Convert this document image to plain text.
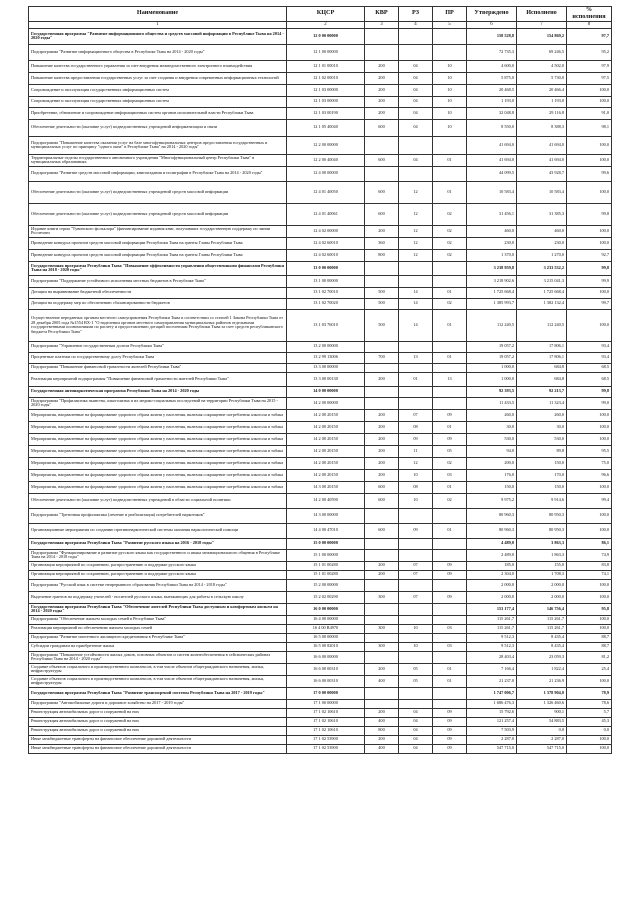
Наименование	КЦСР	КВР	РЗ	ПР	Утверждено	Исполнено	% исполнения
1	2	3	4	5	6	7	8
Государственная программа "Развитие информационного общества и средств массовой информации в Республике Тыва на 2014 - 2020 годы"	12 0 00 00000				158 528,8	154 869,2	97,7
Подпрограмма "Развитие информационного общества в Республике Тыва на 2014 - 2020 годы"	12 1 00 00000				72 735,3	69 246,5	95,2
Повышение качества государственного управления за счет внедрения межведомственного электронного взаимодействия	12 1 01 00010	200	04	10	4 600,0	4 502,0	97,9
Повышение качества предоставления государственных услуг за счет создания и внедрения современных информационных технологий	12 1 02 00010	200	04	10	5 875,0	5 730,0	97,5
Сопровождение и эксплуатация государственных информационных систем	12 1 03 00000	200	04	10	20 468,5	20 466,4	100,0
Сопровождение и эксплуатация государственных информационных систем	12 1 03 00000	200	04	10	1 193,0	1 193,0	100,0
Приобретение, обновление и сопровождение информационных систем органов исполнительной власти Республики Тыва	12 1 03 00190	200	04	10	32 048,8	29 116,8	91,0
Обеспечение деятельности (оказание услуг) подведомственных учреждений информатизации и связи	12 1 05 40040	600	04	10	8 550,0	8 388,3	98,1
Подпрограмма "Повышение качества оказания услуг на базе многофункциональных центров предоставления государственных и муниципальных услуг по принципу "одного окна" в Республике Тыва" на 2014 - 2020 годы"	12 2 00 00000				41 694,0	41 694,0	100,0
Территориальные отделы государственного автономного учреждения "Многофункциональный центр Республики Тыва" в муниципальных образованиях	12 2 00 40040	600	04	01	41 694,0	41 694,0	100,0
Подпрограмма "Развитие средств массовой информации, книгоиздания и полиграфии в Республике Тыва на 2014 - 2020 годы"	12 4 00 00000				44 099,5	43 928,7	99,6
Обеспечение деятельности (оказание услуг) подведомственных учреждений средств массовой информации	12 4 01 40050	600	12	01	10 583,4	10 583,4	100,0
Обеспечение деятельности (оказание услуг) подведомственных учреждений средств массовой информации	12 4 01 40061	600	12	02	31 456,1	31 385,3	99,8
Издание книги серии "Тувинского фольклора" (финансирование издания книг, получивших государственную поддержку по линии Роспечати	12 4 02 00000	200	12	02	460,0	460,0	100,0
Проведение конкурса проектов средств массовой информации Республики Тыва на гранты Главы Республики Тыва	12 4 02 60010	360	12	02	230,0	230,0	100,0
Проведение конкурса проектов средств массовой информации Республики Тыва на гранты Главы Республики Тыва	12 4 02 60010	800	12	02	1 370,0	1 270,0	92,7
Государственная программа Республики Тыва "Повышение эффективности управления общественными финансами Республики Тыва на 2018 - 2020 годы"	13 0 00 00000				3 238 959,8	3 233 532,2	99,8
Подпрограмма "Поддержание устойчивого исполнения местных бюджетов в Республике Тыва"	13 1 00 00000				3 218 902,6	3 215 041,3	99,9
Дотации на выравнивание бюджетной обеспеченности	13 1 02 70010	500	14	01	1 725 668,4	1 725 668,4	100,0
Дотации на поддержку мер по обеспечению сбалансированности бюджетов	13 1 02 70020	500	14	02	1 385 993,7	1 382 132,4	99,7
Осуществление переданных органам местного самоуправления Республики Тыва в соответствии со статьей 1 Закона Республики Тыва от 28 декабря 2005 года №1554 ВХ-1 "О наделении органов местного самоуправления муниципальных районов отдельными государственными полномочиями по расчету и предоставлению дотаций поселениям Республики Тыва за счет средств республиканского бюджета Республики Тыва"	13 1 03 76010	500	14	01	112 240,5	112 240,5	100,0
Подпрограмма "Управление государственным долгом Республики Тыва"	13 2 00 00000				19 057,2	17 806,1	93,4
Процентные платежи по государственному долгу Республики Тыва	13 2 99 13006	700	13	01	19 057,2	17 806,1	93,4
Подпрограмма "Повышение финансовой грамотности жителей Республики Тыва"	13 3 00 00000				1 000,0	684,8	68,5
Реализация мероприятий подпрограммы "Повышение финансовой грамотности жителей Республики Тыва"	13 3 00 00130	200	01	13	1 000,0	684,8	68,5
Государственная антинаркотическая программа Республики Тыва на 2014 - 2020 годы	14 0 00 00000				92 393,5	92 213,7	99,8
Подпрограмма "Профилактика пьянства, алкоголизма и их медико-социальных последствий на территории Республики Тыва на 2015 - 2020 годы"	14 2 00 00000				11 433,5	11 323,4	99,0
Мероприятия, направленные на формирование здорового образа жизни у населения, включая сокращение потребления алкоголя и табака	14 2 00 20150	200	07	09	260,0	260,0	100,0
Мероприятия, направленные на формирование здорового образа жизни у населения, включая сокращение потребления алкоголя и табака	14 2 00 20150	200	08	01	30,0	30,0	100,0
Мероприятия, направленные на формирование здорового образа жизни у населения, включая сокращение потребления алкоголя и табака	14 2 00 20150	200	09	09	530,0	530,0	100,0
Мероприятия, направленные на формирование здорового образа жизни у населения, включая сокращение потребления алкоголя и табака	14 2 00 20150	200	11	05	94,0	89,8	95,5
Мероприятия, направленные на формирование здорового образа жизни у населения, включая сокращение потребления алкоголя и табака	14 2 00 20150	200	12	02	200,0	150,0	75,0
Мероприятия, направленные на формирование здорового образа жизни у населения, включая сокращение потребления алкоголя и табака	14 2 00 20150	200	10	03	176,0	170,0	96,6
Мероприятия, направленные на формирование здорового образа жизни у населения, включая сокращение потребления алкоголя и табака	14 3 00 20150	600	08	01	150,0	150,0	100,0
Обеспечение деятельности (оказание услуг) подведомственных учреждений в области социальной политики	14 2 00 40590	600	10	02	9 975,2	9 914,6	99,4
Подпрограмма "Третичная профилактика (лечение и реабилитация) потребителей наркотиков"	14 3 00 00000				80 960,3	80 950,3	100,0
Организационные мероприятия по созданию противонаркотической системы оказания наркологической помощи	14 4 00 47010	600	09	01	80 960,3	80 950,3	100,0
Государственная программа Республики Тыва "Развитие русского языка на 2016 - 2018 годы"	15 0 00 00000				4 489,0	3 863,3	86,1
Подпрограмма "Функционирование и развитие русского языка как государственного и языка межнационального общения в Республике Тыва на 2014 - 2018 годы"	15 1 00 00000				2 489,0	1 863,3	74,9
Организация мероприятий по сохранению, распространению и поддержке русского языка	15 1 01 00280	200	07	09	185,0	155,0	83,8
Организация мероприятий по сохранению, распространению и поддержке русского языка	15 1 01 00280	200	07	09	2 304,0	1 708,3	74,1
Подпрограмма "Русский язык в системе непрерывного образования Республики Тыва на 2014 - 2018 годы"	15 2 00 00000				2 000,0	2 000,0	100,0
Выделение грантов на поддержку учителей - носителей русского языка, выезжающих для работы в сельскую школу	15 2 02 00290	300	07	09	2 000,0	2 000,0	100,0
Государственная программа Республики Тыва "Обеспечение жителей Республики Тыва доступным и комфортным жильем на 2014 - 2020 годы"	16 0 00 00000				153 177,4	146 756,4	95,8
Подпрограмма "Обеспечение жильем молодых семей в Республике Тыва"	16 4 00 00000				115 261,7	115 261,7	100,0
Реализация мероприятий по обеспечению жильем молодых семей	16 4 00 R4970	300	10	03	115 261,7	115 261,7	100,0
Подпрограмма "Развитие ипотечного жилищного кредитования в Республике Тыва"	16 5 00 00000				9 512,3	8 435,4	88,7
Субсидии гражданам на приобретение жилья	16 5 00 82010	300	10	03	9 512,3	8 435,4	88,7
Подпрограмма "Повышение устойчивости жилых домов, основных объектов и систем жизнеобеспечения в сейсмических районах Республики Тыва на 2014 - 2020 годы"	16 6 00 00000				28 403,4	23 059,3	81,2
Создание объектов социального и производственного комплексов, в том числе объектов общегражданского назначения, жилья, инфраструктуры	16 6 00 00310	200	05	01	7 166,4	1 822,4	25,4
Создание объектов социального и производственного комплексов, в том числе объектов общегражданского назначения, жилья, инфраструктуры	16 6 00 00310	400	05	01	21 237,0	21 236,9	100,0
Государственная программа Республики Тыва "Развитие транспортной системы Республики Тыва на 2017 - 2019 годы"	17 0 00 00000				1 747 006,7	1 378 904,0	78,9
Подпрограмма "Автомобильные дороги и дорожное хозяйство на 2017 - 2019 годы"	17 1 00 00000				1 686 476,3	1 326 460,6	78,6
Реконструкция автомобильных дорог и сооружений на них	17 1 02 10610	200	04	09	15 792,6	900,1	5,7
Реконструкция автомобильных дорог и сооружений на них	17 1 02 10610	400	04	09	121 257,4	54 883,5	45,3
Реконструкция автомобильных дорог и сооружений на них	17 1 02 10610	800	04	09	7 503,9	0,0	0,0
Иные межбюджетные трансферты на финансовое обеспечение дорожной деятельности	17 1 02 53900	200	04	09	2 287,0	2 287,0	100,0
Иные межбюджетные трансферты на финансовое обеспечение дорожной деятельности	17 1 02 53900	400	04	09	547 715,0	547 715,0	100,0
